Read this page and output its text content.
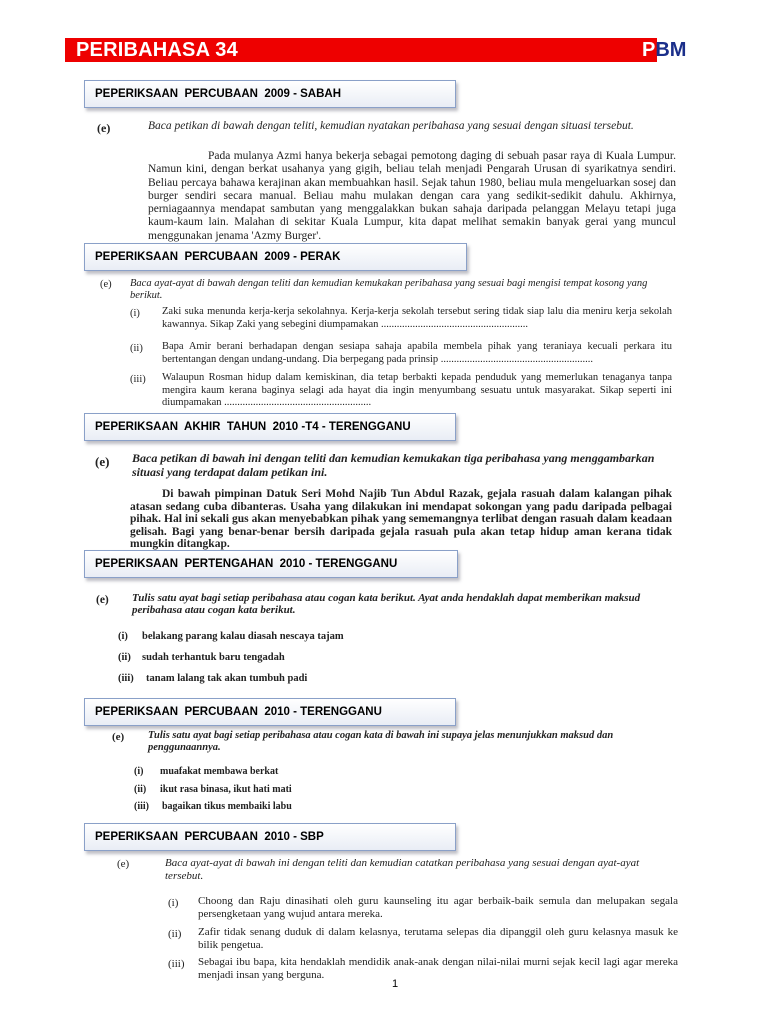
PERIBAHASA 34	PBM
PEPERIKSAAN  PERCUBAAN  2009 - SABAH
(e)	Baca petikan di bawah dengan teliti, kemudian nyatakan peribahasa yang sesuai dengan situasi tersebut.
Pada mulanya Azmi hanya bekerja sebagai pemotong daging di sebuah pasar raya di Kuala Lumpur. Namun kini, dengan berkat usahanya yang gigih, beliau telah menjadi Pengarah Urusan di syarikatnya sendiri. Beliau percaya bahawa kerajinan akan membuahkan hasil. Sejak tahun 1980, beliau mula mengeluarkan sosej dan burger sendiri secara manual. Beliau mahu mulakan dengan cara yang sedikit-sedikit dahulu. Akhirnya, perniagaannya mendapat sambutan yang menggalakkan bukan sahaja daripada pelanggan Melayu tetapi juga kaum-kaum lain. Malahan di sekitar Kuala Lumpur, kita dapat melihat semakin banyak gerai yang muncul menggunakan jenama 'Azmy Burger'.
PEPERIKSAAN  PERCUBAAN  2009 - PERAK
(e) Baca ayat-ayat di bawah dengan teliti dan kemudian kemukakan peribahasa yang sesuai bagi mengisi tempat kosong yang berikut.
(i) Zaki suka menunda kerja-kerja sekolahnya. Kerja-kerja sekolah tersebut sering tidak siap lalu dia meniru kerja sekolah kawannya. Sikap Zaki yang sebegini diumpamakan ........................................................
(ii) Bapa Amir berani berhadapan dengan sesiapa sahaja apabila membela pihak yang teraniaya kecuali perkara itu bertentangan dengan undang-undang. Dia berpegang pada prinsip ..........................................................
(iii) Walaupun Rosman hidup dalam kemiskinan, dia tetap berbakti kepada penduduk yang memerlukan tenaganya tanpa mengira kaum kerana baginya selagi ada hayat dia ingin menyumbang sesuatu untuk masyarakat. Sikap seperti ini diumpamakan ........................................................
PEPERIKSAAN  AKHIR  TAHUN  2010 -T4 - TERENGGANU
(e) Baca petikan di bawah ini dengan teliti dan kemudian kemukakan tiga peribahasa yang menggambarkan situasi yang terdapat dalam petikan ini.
Di bawah pimpinan Datuk Seri Mohd Najib Tun Abdul Razak, gejala rasuah dalam kalangan pihak atasan sedang cuba dibanteras. Usaha yang dilakukan ini mendapat sokongan yang padu daripada pelbagai pihak. Hal ini sekali gus akan menyebabkan pihak yang sememangnya terlibat dengan rasuah dalam keadaan gelisah. Bagi yang benar-benar bersih daripada gejala rasuah pula akan tetap hidup aman kerana tidak mungkin ditangkap.
PEPERIKSAAN  PERTENGAHAN  2010 - TERENGGANU
(e) Tulis satu ayat bagi setiap peribahasa atau cogan kata berikut. Ayat anda hendaklah dapat memberikan maksud peribahasa atau cogan kata berikut.
(i) belakang parang kalau diasah nescaya tajam
(ii) sudah terhantuk baru tengadah
(iii) tanam lalang tak akan tumbuh padi
PEPERIKSAAN  PERCUBAAN  2010 - TERENGGANU
(e) Tulis satu ayat bagi setiap peribahasa atau cogan kata di bawah ini supaya jelas menunjukkan maksud dan penggunaannya.
(i) muafakat membawa berkat
(ii) ikut rasa binasa, ikut hati mati
(iii) bagaikan tikus membaiki labu
PEPERIKSAAN  PERCUBAAN  2010 - SBP
(e)	Baca ayat-ayat di bawah ini dengan teliti dan kemudian catatkan peribahasa yang sesuai dengan ayat-ayat tersebut.
(i) Choong dan Raju dinasihati oleh guru kaunseling itu agar berbaik-baik semula dan melupakan segala persengketaan yang wujud antara mereka.
(ii) Zafir tidak senang duduk di dalam kelasnya, terutama selepas dia dipanggil oleh guru kelasnya masuk ke bilik pengetua.
(iii) Sebagai ibu bapa, kita hendaklah mendidik anak-anak dengan nilai-nilai murni sejak kecil lagi agar mereka menjadi insan yang berguna.
1
